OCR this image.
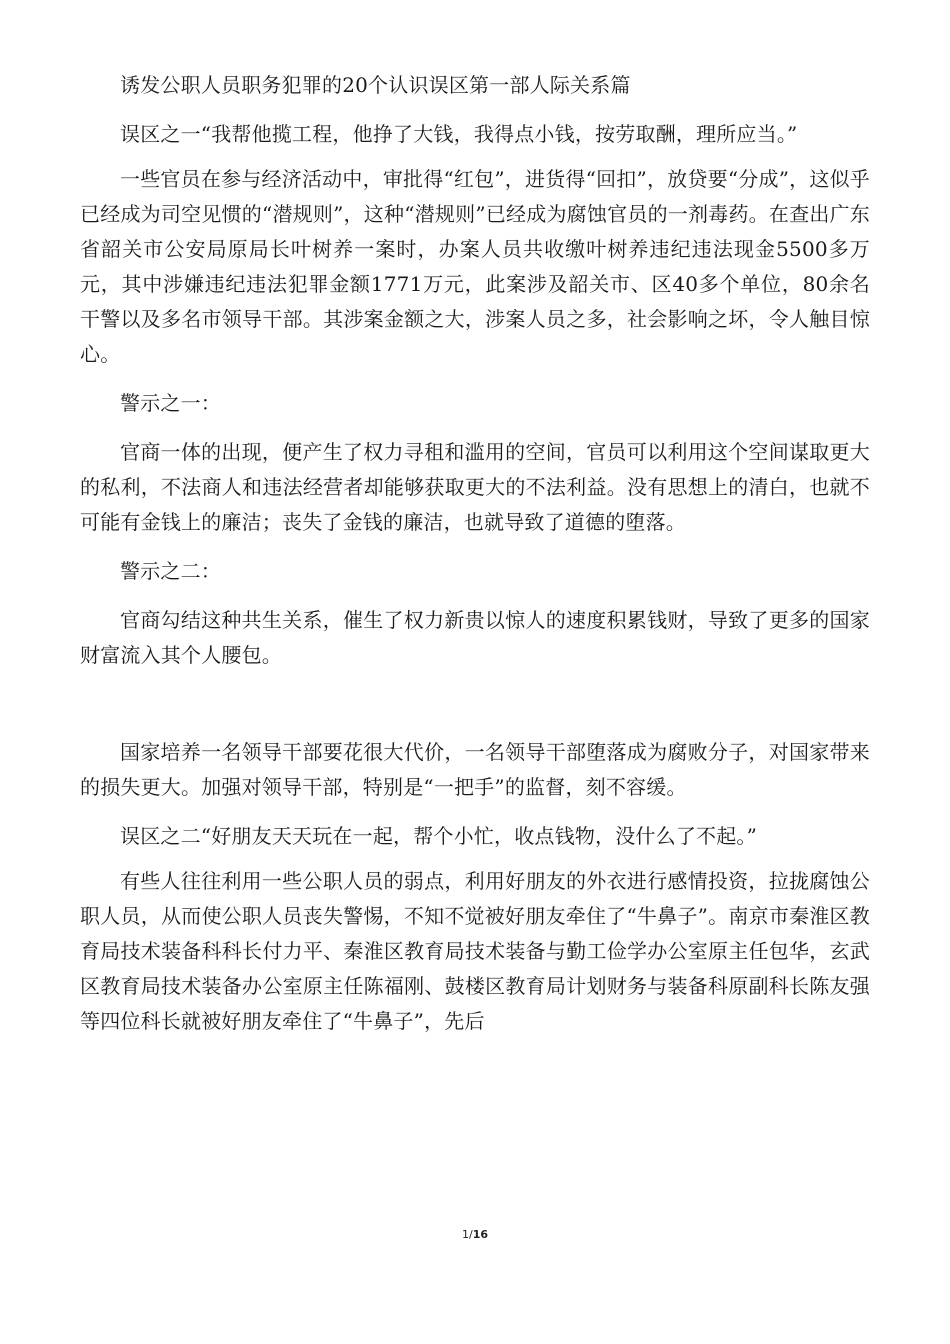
诱发公职人员职务犯罪的20个认识误区第一部人际关系篇

误区之一“我帮他揽工程，他挣了大钱，我得点小钱，按劳取酬，理所应当。”

一些官员在参与经济活动中，审批得“红包”，进货得“回扣”，放贷要“分成”，这似乎已经成为司空见惯的“潜规则”，这种“潜规则”已经成为腐蚀官员的一剂毒药。在查出广东省韶关市公安局原局长叶树养一案时，办案人员共收缴叶树养违纪违法现金5500多万元，其中涉嫌违纪违法犯罪金额1771万元，此案涉及韶关市、区40多个单位，80余名干警以及多名市领导干部。其涉案金额之大，涉案人员之多，社会影响之坏，令人触目惊心。

警示之一：

官商一体的出现，便产生了权力寻租和滥用的空间，官员可以利用这个空间谋取更大的私利，不法商人和违法经营者却能够获取更大的不法利益。没有思想上的清白，也就不可能有金钱上的廉洁；丧失了金钱的廉洁，也就导致了道德的堕落。

警示之二：

官商勾结这种共生关系，催生了权力新贵以惊人的速度积累钱财，导致了更多的国家财富流入其个人腰包。

国家培养一名领导干部要花很大代价，一名领导干部堕落成为腐败分子，对国家带来的损失更大。加强对领导干部，特别是“一把手”的监督，刻不容缓。

误区之二“好朋友天天玩在一起，帮个小忙，收点钱物，没什么了不起。”

有些人往往利用一些公职人员的弱点，利用好朋友的外衣进行感情投资，拉拢腐蚀公职人员，从而使公职人员丧失警惕，不知不觉被好朋友牵住了“牛鼻子”。南京市秦淮区教育局技术装备科科长付力平、秦淮区教育局技术装备与勤工俭学办公室原主任包华，玄武区教育局技术装备办公室原主任陈福刚、鼓楼区教育局计划财务与装备科原副科长陈友强等四位科长就被好朋友牵住了“牛鼻子”，先后

1/16
